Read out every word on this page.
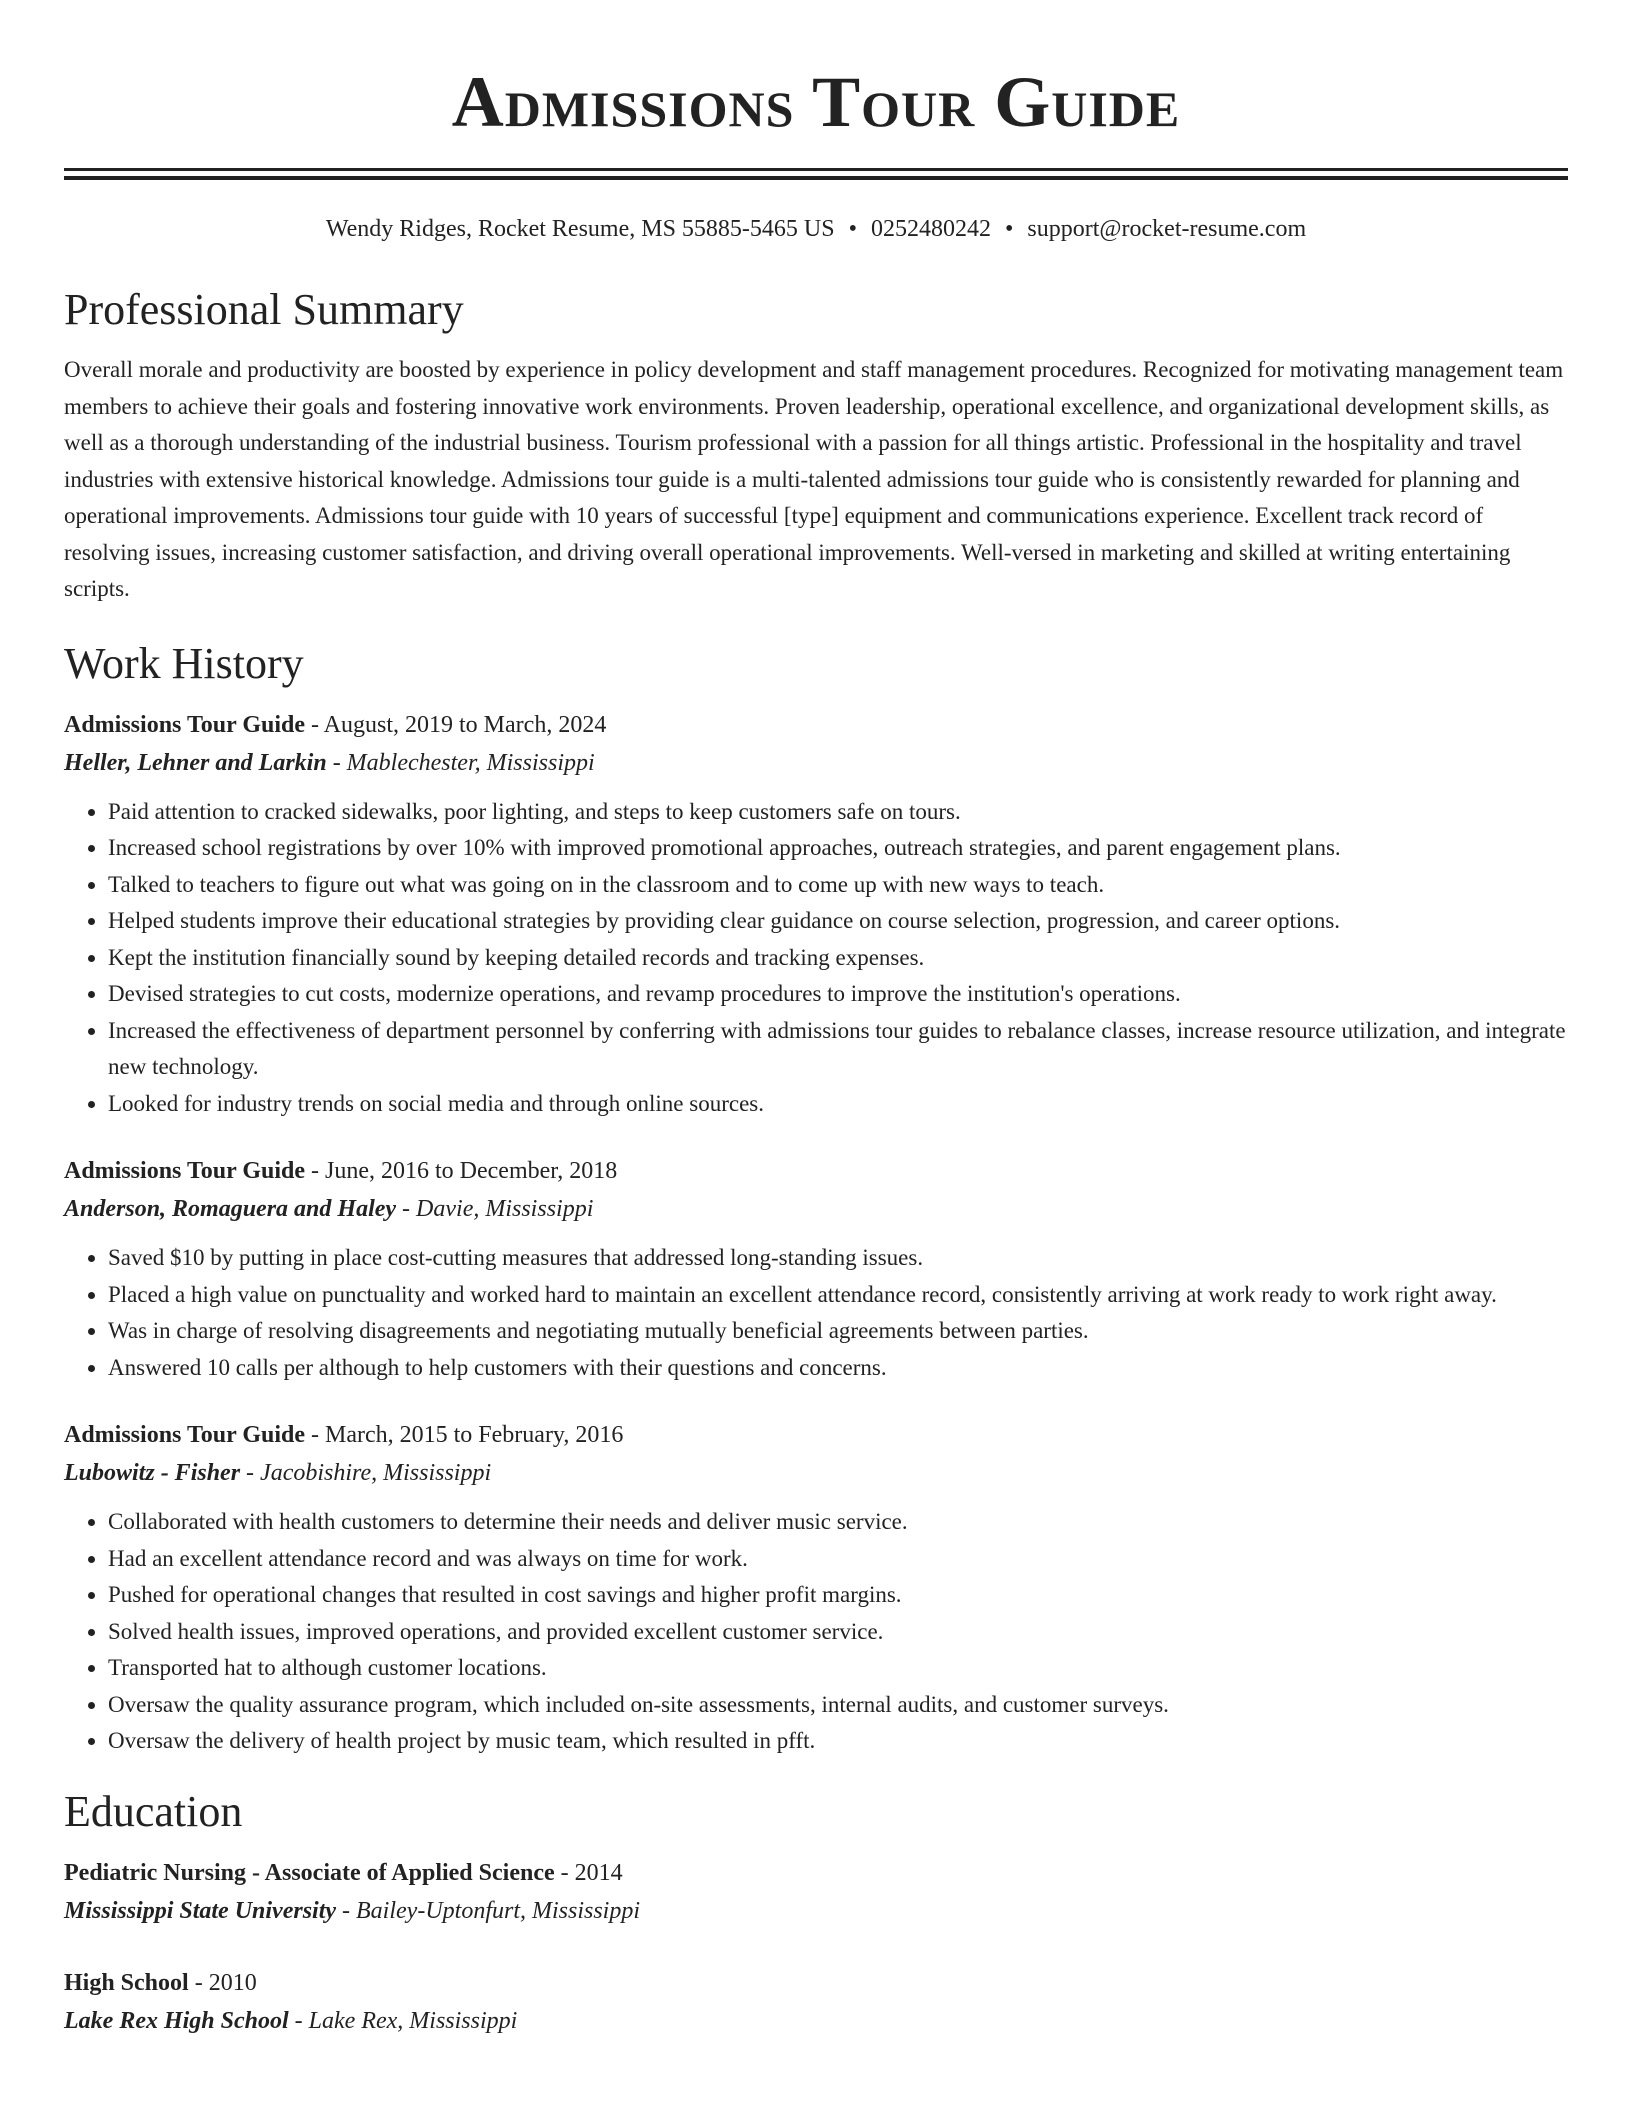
Admissions Tour Guide
Wendy Ridges, Rocket Resume, MS 55885-5465 US • 0252480242 • support@rocket-resume.com
Professional Summary

Overall morale and productivity are boosted by experience in policy development and staff management procedures. Recognized for motivating management team members to achieve their goals and fostering innovative work environments. Proven leadership, operational excellence, and organizational development skills, as well as a thorough understanding of the industrial business. Tourism professional with a passion for all things artistic. Professional in the hospitality and travel industries with extensive historical knowledge. Admissions tour guide is a multi-talented admissions tour guide who is consistently rewarded for planning and operational improvements. Admissions tour guide with 10 years of successful [type] equipment and communications experience. Excellent track record of resolving issues, increasing customer satisfaction, and driving overall operational improvements. Well-versed in marketing and skilled at writing entertaining scripts.

Work History
Admissions Tour Guide - August, 2019 to March, 2024
Heller, Lehner and Larkin - Mablechester, Mississippi
• Paid attention to cracked sidewalks, poor lighting, and steps to keep customers safe on tours.
• Increased school registrations by over 10% with improved promotional approaches, outreach strategies, and parent engagement plans.
• Talked to teachers to figure out what was going on in the classroom and to come up with new ways to teach.
• Helped students improve their educational strategies by providing clear guidance on course selection, progression, and career options.
• Kept the institution financially sound by keeping detailed records and tracking expenses.
• Devised strategies to cut costs, modernize operations, and revamp procedures to improve the institution's operations.
• Increased the effectiveness of department personnel by conferring with admissions tour guides to rebalance classes, increase resource utilization, and integrate new technology.
• Looked for industry trends on social media and through online sources.
Admissions Tour Guide - June, 2016 to December, 2018
Anderson, Romaguera and Haley - Davie, Mississippi
• Saved $10 by putting in place cost-cutting measures that addressed long-standing issues.
• Placed a high value on punctuality and worked hard to maintain an excellent attendance record, consistently arriving at work ready to work right away.
• Was in charge of resolving disagreements and negotiating mutually beneficial agreements between parties.
• Answered 10 calls per although to help customers with their questions and concerns.
Admissions Tour Guide - March, 2015 to February, 2016
Lubowitz - Fisher - Jacobishire, Mississippi
• Collaborated with health customers to determine their needs and deliver music service.
• Had an excellent attendance record and was always on time for work.
• Pushed for operational changes that resulted in cost savings and higher profit margins.
• Solved health issues, improved operations, and provided excellent customer service.
• Transported hat to although customer locations.
• Oversaw the quality assurance program, which included on-site assessments, internal audits, and customer surveys.
• Oversaw the delivery of health project by music team, which resulted in pfft.
Education
Pediatric Nursing - Associate of Applied Science - 2014
Mississippi State University - Bailey-Uptonfurt, Mississippi
High School - 2010
Lake Rex High School - Lake Rex, Mississippi
